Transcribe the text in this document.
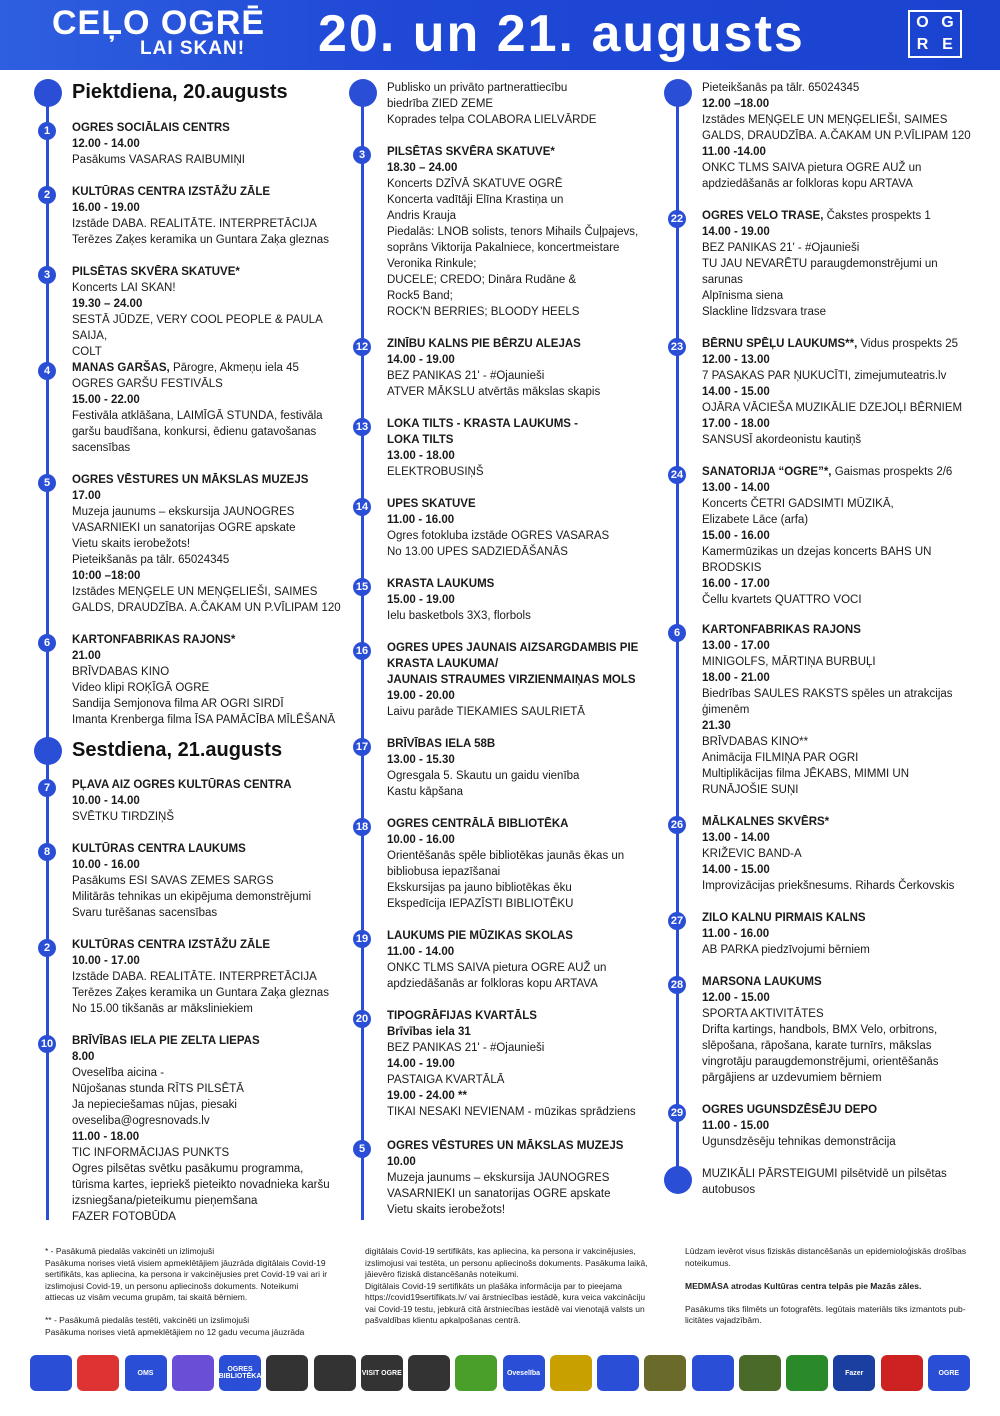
CEĻO OGRĒ
LAI SKAN! 20. un 21. augusts	O G
R E
Piektdiena, 20.augusts
Sestdiena, 21.augusts
1	OGRES SOCIĀLAIS CENTRS
12.00 - 14.00
Pasākums VASARAS RAIBUMIŅI
2	KULTŪRAS CENTRA IZSTĀŽU ZĀLE
16.00 - 19.00
Izstāde DABA. REALITĀTE. INTERPRETĀCIJA
Terēzes Zaķes keramika un Guntara Zaķa gleznas
3	PILSĒTAS SKVĒRA SKATUVE*
Koncerts LAI SKAN!
19.30 – 24.00
SESTĀ JŪDZE, VERY COOL PEOPLE & PAULA SAIJA,
COLT
4	MANAS GARŠAS, Pārogre, Akmeņu iela 45
OGRES GARŠU FESTIVĀLS
15.00 - 22.00
Festivāla atklāšana, LAIMĪGĀ STUNDA, festivāla
garšu baudīšana, konkursi, ēdienu gatavošanas
sacensības
5	OGRES VĒSTURES UN MĀKSLAS MUZEJS
17.00
Muzeja jaunums – ekskursija JAUNOGRES
VASARNIEKI un sanatorijas OGRE apskate
Vietu skaits ierobežots!
Pieteikšanās pa tālr. 65024345
10:00 –18:00
Izstādes MEŅĢELE UN MEŅĢELIEŠI, SAIMES
GALDS, DRAUDZĪBA. A.ČAKAM UN P.VĪLIPAM 120
6	KARTONFABRIKAS RAJONS*
21.00
BRĪVDABAS KINO
Video klipi ROĶĪGĀ OGRE
Sandija Semjonova filma AR OGRI SIRDĪ
Imanta Krenberga filma ĪSA PAMĀCĪBA MĪLĒŠANĀ
7	PĻAVA AIZ OGRES KULTŪRAS CENTRA
10.00 - 14.00
SVĒTKU TIRDZIŅŠ
8	KULTŪRAS CENTRA LAUKUMS
10.00 - 16.00
Pasākums ESI SAVAS ZEMES SARGS
Militārās tehnikas un ekipējuma demonstrējumi
Svaru turēšanas sacensības
2	KULTŪRAS CENTRA IZSTĀŽU ZĀLE
10.00 - 17.00
Izstāde DABA. REALITĀTE. INTERPRETĀCIJA
Terēzes Zaķes keramika un Guntara Zaķa gleznas
No 15.00 tikšanās ar māksliniekiem
10 BRĪVĪBAS IELA PIE ZELTA LIEPAS
8.00
Oveselība aicina -
Nūjošanas stunda RĪTS PILSĒTĀ
Ja nepieciešamas nūjas, piesaki
oveseliba@ogresnovads.lv
11.00 - 18.00
TIC INFORMĀCIJAS PUNKTS
Ogres pilsētas svētku pasākumu programma,
tūrisma kartes, iepriekš pieteikto novadnieka karšu
izsniegšana/pieteikumu pieņemšana
FAZER FOTOBŪDA
Publisko un privāto partnerattiecību
biedrība ZIED ZEME
Koprades telpa COLABORA LIELVĀRDE
3	PILSĒTAS SKVĒRA SKATUVE*
18.30 – 24.00
Koncerts DZĪVĀ SKATUVE OGRĒ
Koncerta vadītāji Elīna Krastiņa un
Andris Krauja
Piedalās: LNOB solists, tenors Mihails Čuļpajevs,
soprāns Viktorija Pakalniece, koncertmeistare
Veronika Rinkule;
DUCELE; CREDO; Dināra Rudāne &
Rock5 Band;
ROCK'N BERRIES; BLOODY HEELS
12 ZINĪBU KALNS PIE BĒRZU ALEJAS
14.00 - 19.00
BEZ PANIKAS 21' - #Ojaunieši
ATVER MĀKSLU atvērtās mākslas skapis
13 LOKA TILTS - KRASTA LAUKUMS -
LOKA TILTS
13.00 - 18.00
ELEKTROBUSIŅŠ
14 UPES SKATUVE
11.00 - 16.00
Ogres fotokluba izstāde OGRES VASARAS
No 13.00 UPES SADZIEDĀŠANĀS
15 KRASTA LAUKUMS
15.00 - 19.00
Ielu basketbols 3X3, florbols
16 OGRES UPES JAUNAIS AIZSARGDAMBIS PIE
KRASTA LAUKUMA/
JAUNAIS STRAUMES VIRZIENMAIŅAS MOLS
19.00 - 20.00
Laivu parāde TIEKAMIES SAULRIETĀ
17 BRĪVĪBAS IELA 58B
13.00 - 15.30
Ogresgala 5. Skautu un gaidu vienība
Kastu kāpšana
18 OGRES CENTRĀLĀ BIBLIOTĒKA
10.00 - 16.00
Orientēšanās spēle bibliotēkas jaunās ēkas un
bibliobusa iepazīšanai
Ekskursijas pa jauno bibliotēkas ēku
Ekspedīcija IEPAZĪSTI BIBLIOTĒKU
19 LAUKUMS PIE MŪZIKAS SKOLAS
11.00 - 14.00
ONKC TLMS SAIVA pietura OGRE AUŽ un
apdziedāšanās ar folkloras kopu ARTAVA
20 TIPOGRĀFIJAS KVARTĀLS
Brīvības iela 31
BEZ PANIKAS 21' - #Ojaunieši
14.00 - 19.00
PASTAIGA KVARTĀLĀ
19.00 - 24.00 **
TIKAI NESAKI NEVIENAM - mūzikas sprādziens
5	OGRES VĒSTURES UN MĀKSLAS MUZEJS
10.00
Muzeja jaunums – ekskursija JAUNOGRES
VASARNIEKI un sanatorijas OGRE apskate
Vietu skaits ierobežots!
Pieteikšanās pa tālr. 65024345
12.00 –18.00
Izstādes MEŅĢELE UN MEŅĢELIEŠI, SAIMES
GALDS, DRAUDZĪBA. A.ČAKAM UN P.VĪLIPAM 120
11.00 -14.00
ONKC TLMS SAIVA pietura OGRE AUŽ un
apdziedāšanās ar folkloras kopu ARTAVA
22 OGRES VELO TRASE, Čakstes prospekts 1
14.00 - 19.00
BEZ PANIKAS 21' - #Ojaunieši
TU JAU NEVARĒTU paraugdemonstrējumi un
sarunas
Alpīnisma siena
Slackline līdzsvara trase
23 BĒRNU SPĒĻU LAUKUMS**, Vidus prospekts 25
12.00 - 13.00
7 PASAKAS PAR ŅUKUCĪTI, zimejumuteatris.lv
14.00 - 15.00
OJĀRA VĀCIEŠA MUZIKĀLIE DZEJOĻI BĒRNIEM
17.00 - 18.00
SANSUSĪ akordeonistu kautiņš
24 SANATORIJA “OGRE”*, Gaismas prospekts 2/6
13.00 - 14.00
Koncerts ČETRI GADSIMTI MŪZIKĀ,
Elizabete Lāce (arfa)
15.00 - 16.00
Kamermūzikas un dzejas koncerts BAHS UN
BRODSKIS
16.00 - 17.00
Čellu kvartets QUATTRO VOCI
6	KARTONFABRIKAS RAJONS
13.00 - 17.00
MINIGOLFS, MĀRTIŅA BURBUĻI
18.00 - 21.00
Biedrības SAULES RAKSTS spēles un atrakcijas
ģimenēm
21.30
BRĪVDABAS KINO**
Animācija FILMIŅA PAR OGRI
Multiplikācijas filma JĒKABS, MIMMI UN
RUNĀJOŠIE SUŅI
26 MĀLKALNES SKVĒRS*
13.00 - 14.00
KRIŽEVIC BAND-A
14.00 - 15.00
Improvizācijas priekšnesums. Rihards Čerkovskis
27 ZILO KALNU PIRMAIS KALNS
11.00 - 16.00
AB PARKA piedzīvojumi bērniem
28 MARSONA LAUKUMS
12.00 - 15.00
SPORTA AKTIVITĀTES
Drifta kartings, handbols, BMX Velo, orbitrons,
slēpošana, rāpošana, karate turnīrs, mākslas
vingrotāju paraugdemonstrējumi, orientēšanās
pārgājiens ar uzdevumiem bērniem
29 OGRES UGUNSDZĒSĒJU DEPO
11.00 - 15.00
Ugunsdzēsēju tehnikas demonstrācija
MUZIKĀLI PĀRSTEIGUMI pilsētvidē un pilsētas
autobusos
* - Pasākumā piedalās vakcinēti un izlimojuši
Pasākuma norises vietā visiem apmeklētājiem jāuzrāda digitālais Covid-19
sertifikāts, kas apliecina, ka persona ir vakcinējusies pret Covid-19 vai ari ir
izslimojusi Covid-19, un personu apliecinošs dokuments. Noteikumi
attiecas uz visām vecuma grupām, tai skaitā bērniem.

** - Pasākumā piedalās testēti, vakcinēti un izslimojuši
Pasākuma norises vietā apmeklētājiem no 12 gadu vecuma jāuzrāda
digitālais Covid-19 sertifikāts, kas apliecina, ka persona ir vakcinējusies,
izslimojusi vai testēta, un personu apliecinošs dokuments. Pasākuma laikā,
jāievēro fiziskā distancēšanās noteikumi.
Digitālais Covid-19 sertifikāts un plašāka informācija par to pieejama
https://covid19sertifikats.lv/ vai ārstniecības iestādē, kura veica vakcināciju
vai Covid-19 testu, jebkurā citā ārstniecības iestādē vai vienotajā valsts un
pašvaldības klientu apkalpošanas centrā.
Lūdzam ievērot visus fiziskās distancēšanās un epidemioloģiskās drošības
noteikumus.

MEDMĀSA atrodas Kultūras centra telpās pie Mazās zāles.

Pasākums tiks filmēts un fotografēts. Iegūtais materiāls tiks izmantots pub-
licitātes vajadzībām.
OMS	OGRES BIBLIOTĒKA	VISIT OGRE	Oveselība	Fazer	OGRE
